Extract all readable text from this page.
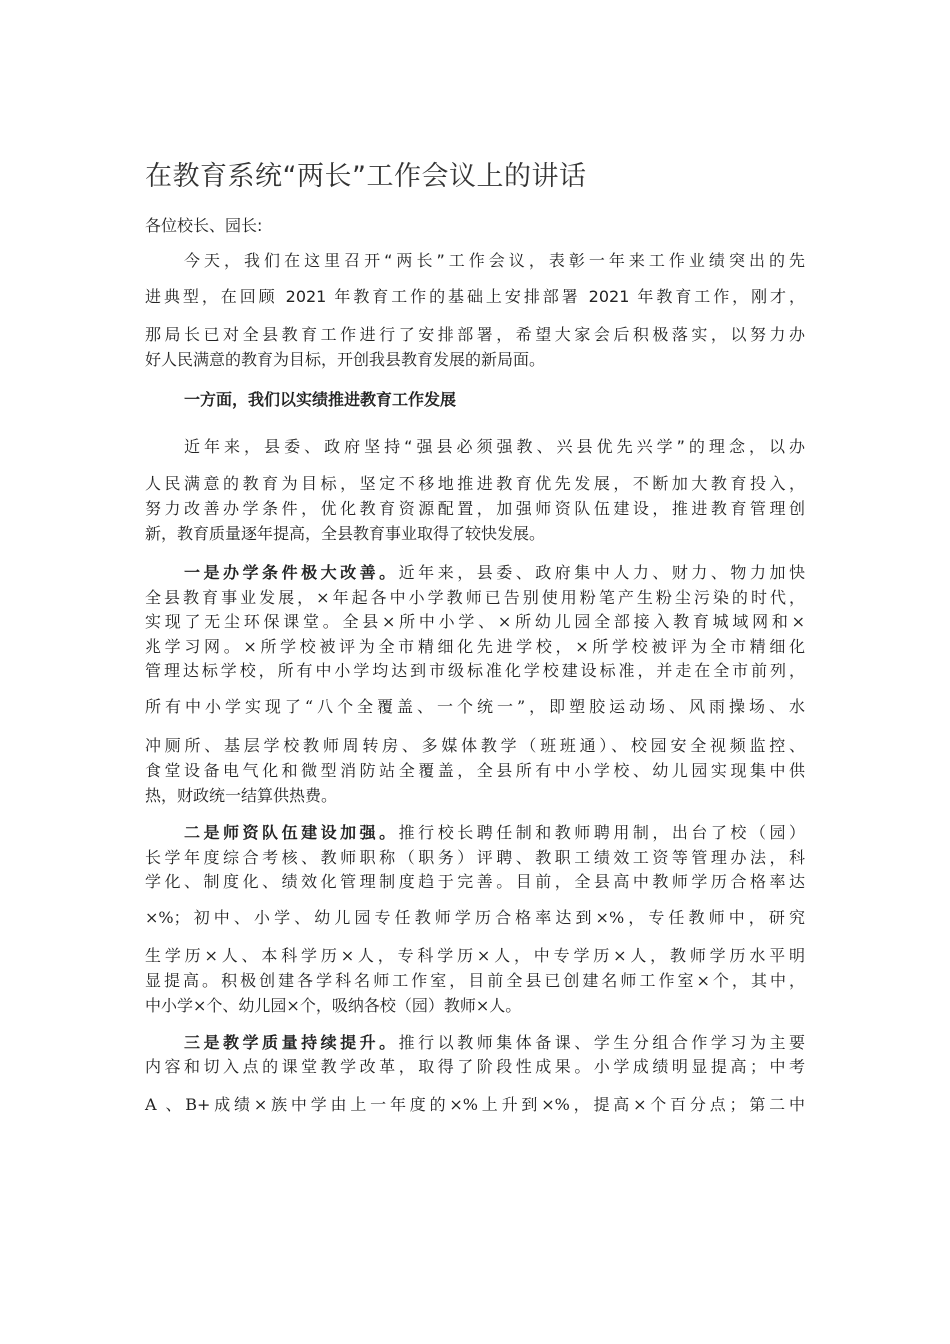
在教育系统“两长”工作会议上的讲话
各位校长、园长:
今天，我们在这里召开“两长”工作会议，表彰一年来工作业绩突出的先
进典型，在回顾 2021 年教育工作的基础上安排部署 2021 年教育工作，刚才，
那局长已对全县教育工作进行了安排部署，希望大家会后积极落实，以努力办
好人民满意的教育为目标，开创我县教育发展的新局面。
一方面，我们以实绩推进教育工作发展
近年来，县委、政府坚持“强县必须强教、兴县优先兴学”的理念，以办
人民满意的教育为目标，坚定不移地推进教育优先发展，不断加大教育投入，
努力改善办学条件，优化教育资源配置，加强师资队伍建设，推进教育管理创
新，教育质量逐年提高，全县教育事业取得了较快发展。
一是办学条件极大改善。近年来，县委、政府集中人力、财力、物力加快
全县教育事业发展，×年起各中小学教师已告别使用粉笔产生粉尘污染的时代，
实现了无尘环保课堂。全县×所中小学、×所幼儿园全部接入教育城域网和×
兆学习网。×所学校被评为全市精细化先进学校，×所学校被评为全市精细化
管理达标学校，所有中小学均达到市级标准化学校建设标准，并走在全市前列，
所有中小学实现了“八个全覆盖、一个统一”，即塑胶运动场、风雨操场、水
冲厕所、基层学校教师周转房、多媒体教学（班班通）、校园安全视频监控、
食堂设备电气化和微型消防站全覆盖，全县所有中小学校、幼儿园实现集中供
热，财政统一结算供热费。
二是师资队伍建设加强。推行校长聘任制和教师聘用制，出台了校（园）
长学年度综合考核、教师职称（职务）评聘、教职工绩效工资等管理办法，科
学化、制度化、绩效化管理制度趋于完善。目前，全县高中教师学历合格率达
×%；初中、小学、幼儿园专任教师学历合格率达到×%，专任教师中，研究
生学历×人、本科学历×人，专科学历×人，中专学历×人，教师学历水平明
显提高。积极创建各学科名师工作室，目前全县已创建名师工作室×个，其中，
中小学×个、幼儿园×个，吸纳各校（园）教师×人。
三是教学质量持续提升。推行以教师集体备课、学生分组合作学习为主要
内容和切入点的课堂教学改革，取得了阶段性成果。小学成绩明显提高；中考
A 、B+成绩×族中学由上一年度的×%上升到×%，提高×个百分点；第二中
